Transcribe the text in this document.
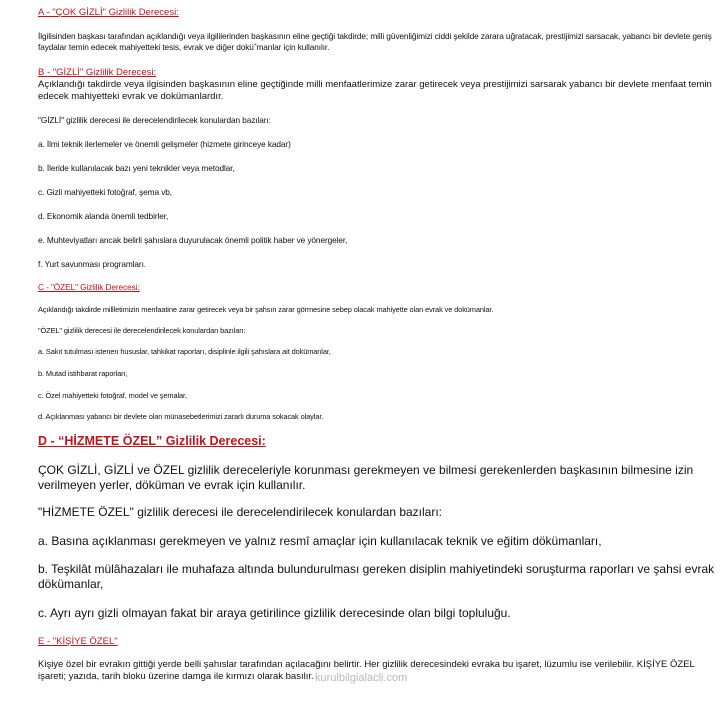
A - "ÇOK GİZLİ" Gizlilik Derecesi:

İlgilisinden başkası tarafından açıklandığı veya ilgililerinden başkasının eline geçtiği takdirde; milli güvenliğimizi ciddi şekilde zarara uğratacak, prestijimizi sarsacak, yabancı bir devlete geniş faydalar temin edecek mahiyetteki tesis, evrak ve diğer doküˆmanlar için kullanılır.

B - "GİZLİ" Gizlilik Derecesi:

Açıklandığı takdirde veya ilgisinden başkasının eline geçtiğinde milli menfaatlerimize zarar getirecek veya prestijimizi sarsarak yabancı bir devlete menfaat temin edecek mahiyetteki evrak ve dokümanlardır.

"GİZLİ" gizlilik derecesi ile derecelendirilecek konulardan bazıları:

a. İlmi teknik ilerlemeler ve önemli gelişmeler (hizmete girinceye kadar)

b. İleride kullanılacak bazı yeni teknikler veya metodlar,

c. Gizli mahiyetteki fotoğraf, şema vb,

d. Ekonomik alanda önemli tedbirler,

e. Muhteviyatları ancak belirli şahıslara duyurulacak önemli politik haber ve yönergeler,

f. Yurt savunması programları.

C - "ÖZEL" Gizlilik Derecesi:

Açıklandığı takdirde millletimizin menfaatine zarar getirecek veya bir şahsın zarar görmesine sebep olacak mahiyette olan evrak ve dokümanlar.

"ÖZEL" gizlilik derecesi ile derecelendirilecek konulardan bazıları:

a. Sakıt tutulması istenen hususlar, tahkikat raporları, disiplinle ilgili şahıslara ait dokümanlar,

b. Mutad istihbarat raporları,

c. Özel mahiyetteki fotoğraf, model ve şemalar,

d. Açıklanması yabancı bir devlete olan münasebetlerimizi zararlı duruma sokacak olaylar.

D - “HİZMETE ÖZEL” Gizlilik Derecesi:

ÇOK GİZLİ, GİZLİ ve ÖZEL gizlilik dereceleriyle korunması gerekmeyen ve bilmesi gerekenlerden başkasının bilmesine izin verilmeyen yerler, döküman ve evrak için kullanılır.

"HİZMETE ÖZEL" gizlilik derecesi ile derecelendirilecek konulardan bazıları:

a. Basına açıklanması gerekmeyen ve yalnız resmî amaçlar için kullanılacak teknik ve eğitim dökümanları,

b. Teşkilât mülâhazaları ile muhafaza altında bulundurulması gereken disiplin mahiyetindeki soruşturma raporları ve şahsi evrak dökümanlar,

c. Ayrı ayrı gizli olmayan fakat bir araya getirilince gizlilik derecesinde olan bilgi topluluğu.

E - "KİŞİYE ÖZEL"

Kişiye özel bir evrakın gittiği yerde belli şahıslar tarafından açılacağını belirtir. Her gizlilik derecesindeki evraka bu işaret, lüzumlu ise verilebilir. KİŞİYE ÖZEL işareti; yazıda, tarih bloku üzerine damga ile kırmızı olarak basılır. kurulbilgialacli.com
